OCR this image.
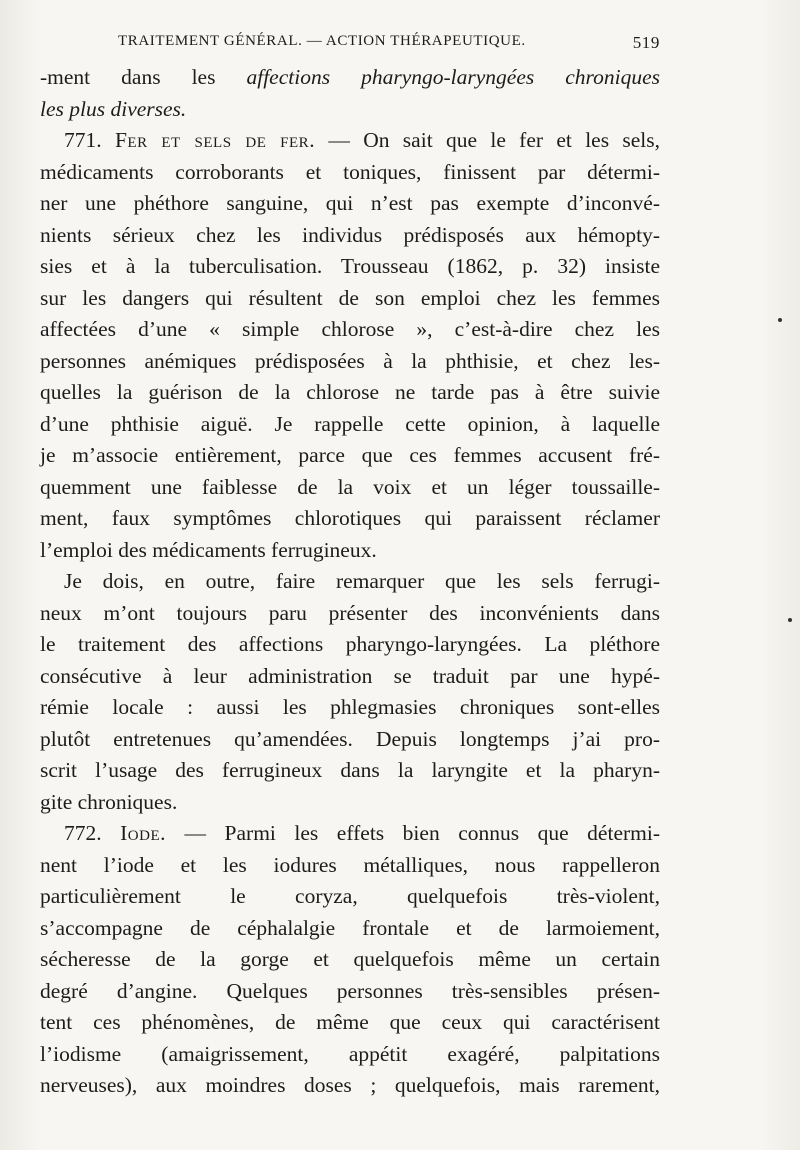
TRAITEMENT GÉNÉRAL. — ACTION THÉRAPEUTIQUE.	519
-ment dans les affections pharyngo-laryngées chroniques
les plus diverses.
771. Fer et sels de fer. — On sait que le fer et les sels,
médicaments corroborants et toniques, finissent par détermi-
ner une phéthore sanguine, qui n’est pas exempte d’inconvé-
nients sérieux chez les individus prédisposés aux hémopty-
sies et à la tuberculisation. Trousseau (1862, p. 32) insiste
sur les dangers qui résultent de son emploi chez les femmes
affectées d’une « simple chlorose », c’est-à-dire chez les
personnes anémiques prédisposées à la phthisie, et chez les-
quelles la guérison de la chlorose ne tarde pas à être suivie
d’une phthisie aiguë. Je rappelle cette opinion, à laquelle
je m’associe entièrement, parce que ces femmes accusent fré-
quemment une faiblesse de la voix et un léger toussaille-
ment, faux symptômes chlorotiques qui paraissent réclamer
l’emploi des médicaments ferrugineux.
Je dois, en outre, faire remarquer que les sels ferrugi-
neux m’ont toujours paru présenter des inconvénients dans
le traitement des affections pharyngo-laryngées. La pléthore
consécutive à leur administration se traduit par une hypé-
rémie locale : aussi les phlegmasies chroniques sont-elles
plutôt entretenues qu’amendées. Depuis longtemps j’ai pro-
scrit l’usage des ferrugineux dans la laryngite et la pharyn-
gite chroniques.
772. Iode. — Parmi les effets bien connus que détermi-
nent l’iode et les iodures métalliques, nous rappelleron
particulièrement le coryza, quelquefois très-violent,
s’accompagne de céphalalgie frontale et de larmoiement,
sécheresse de la gorge et quelquefois même un certain
degré d’angine. Quelques personnes très-sensibles présen-
tent ces phénomènes, de même que ceux qui caractérisent
l’iodisme (amaigrissement, appétit exagéré, palpitations
nerveuses), aux moindres doses ; quelquefois, mais rarement,
